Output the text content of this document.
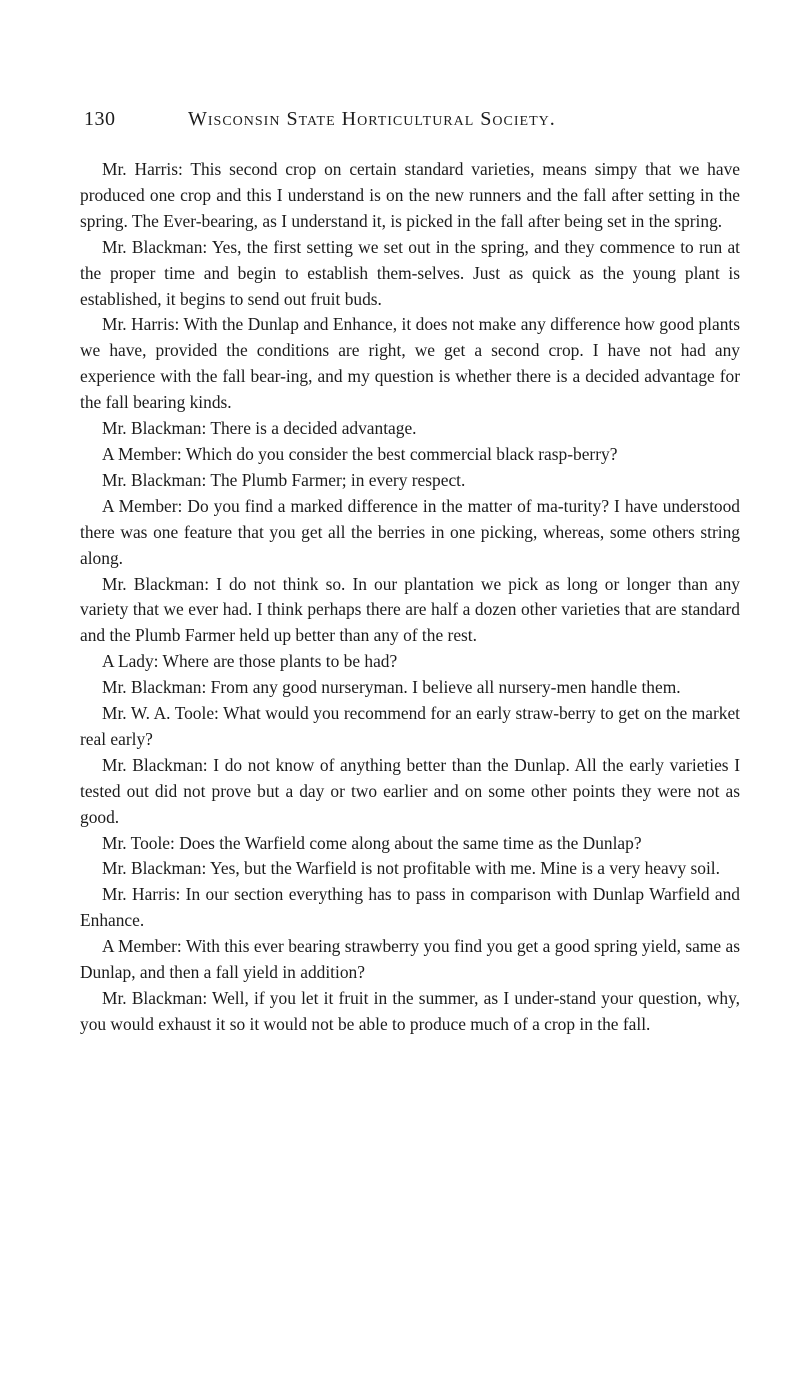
130	Wisconsin State Horticultural Society.

Mr. Harris: This second crop on certain standard varieties, means simpy that we have produced one crop and this I understand is on the new runners and the fall after setting in the spring. The Ever-bearing, as I understand it, is picked in the fall after being set in the spring.

Mr. Blackman: Yes, the first setting we set out in the spring, and they commence to run at the proper time and begin to establish them-selves. Just as quick as the young plant is established, it begins to send out fruit buds.

Mr. Harris: With the Dunlap and Enhance, it does not make any difference how good plants we have, provided the conditions are right, we get a second crop. I have not had any experience with the fall bear-ing, and my question is whether there is a decided advantage for the fall bearing kinds.

Mr. Blackman: There is a decided advantage.

A Member: Which do you consider the best commercial black rasp-berry?

Mr. Blackman: The Plumb Farmer; in every respect.

A Member: Do you find a marked difference in the matter of ma-turity? I have understood there was one feature that you get all the berries in one picking, whereas, some others string along.

Mr. Blackman: I do not think so. In our plantation we pick as long or longer than any variety that we ever had. I think perhaps there are half a dozen other varieties that are standard and the Plumb Farmer held up better than any of the rest.

A Lady: Where are those plants to be had?

Mr. Blackman: From any good nurseryman. I believe all nursery-men handle them.

Mr. W. A. Toole: What would you recommend for an early straw-berry to get on the market real early?

Mr. Blackman: I do not know of anything better than the Dunlap. All the early varieties I tested out did not prove but a day or two earlier and on some other points they were not as good.

Mr. Toole: Does the Warfield come along about the same time as the Dunlap?

Mr. Blackman: Yes, but the Warfield is not profitable with me. Mine is a very heavy soil.

Mr. Harris: In our section everything has to pass in comparison with Dunlap Warfield and Enhance.

A Member: With this ever bearing strawberry you find you get a good spring yield, same as Dunlap, and then a fall yield in addition?

Mr. Blackman: Well, if you let it fruit in the summer, as I under-stand your question, why, you would exhaust it so it would not be able to produce much of a crop in the fall.
